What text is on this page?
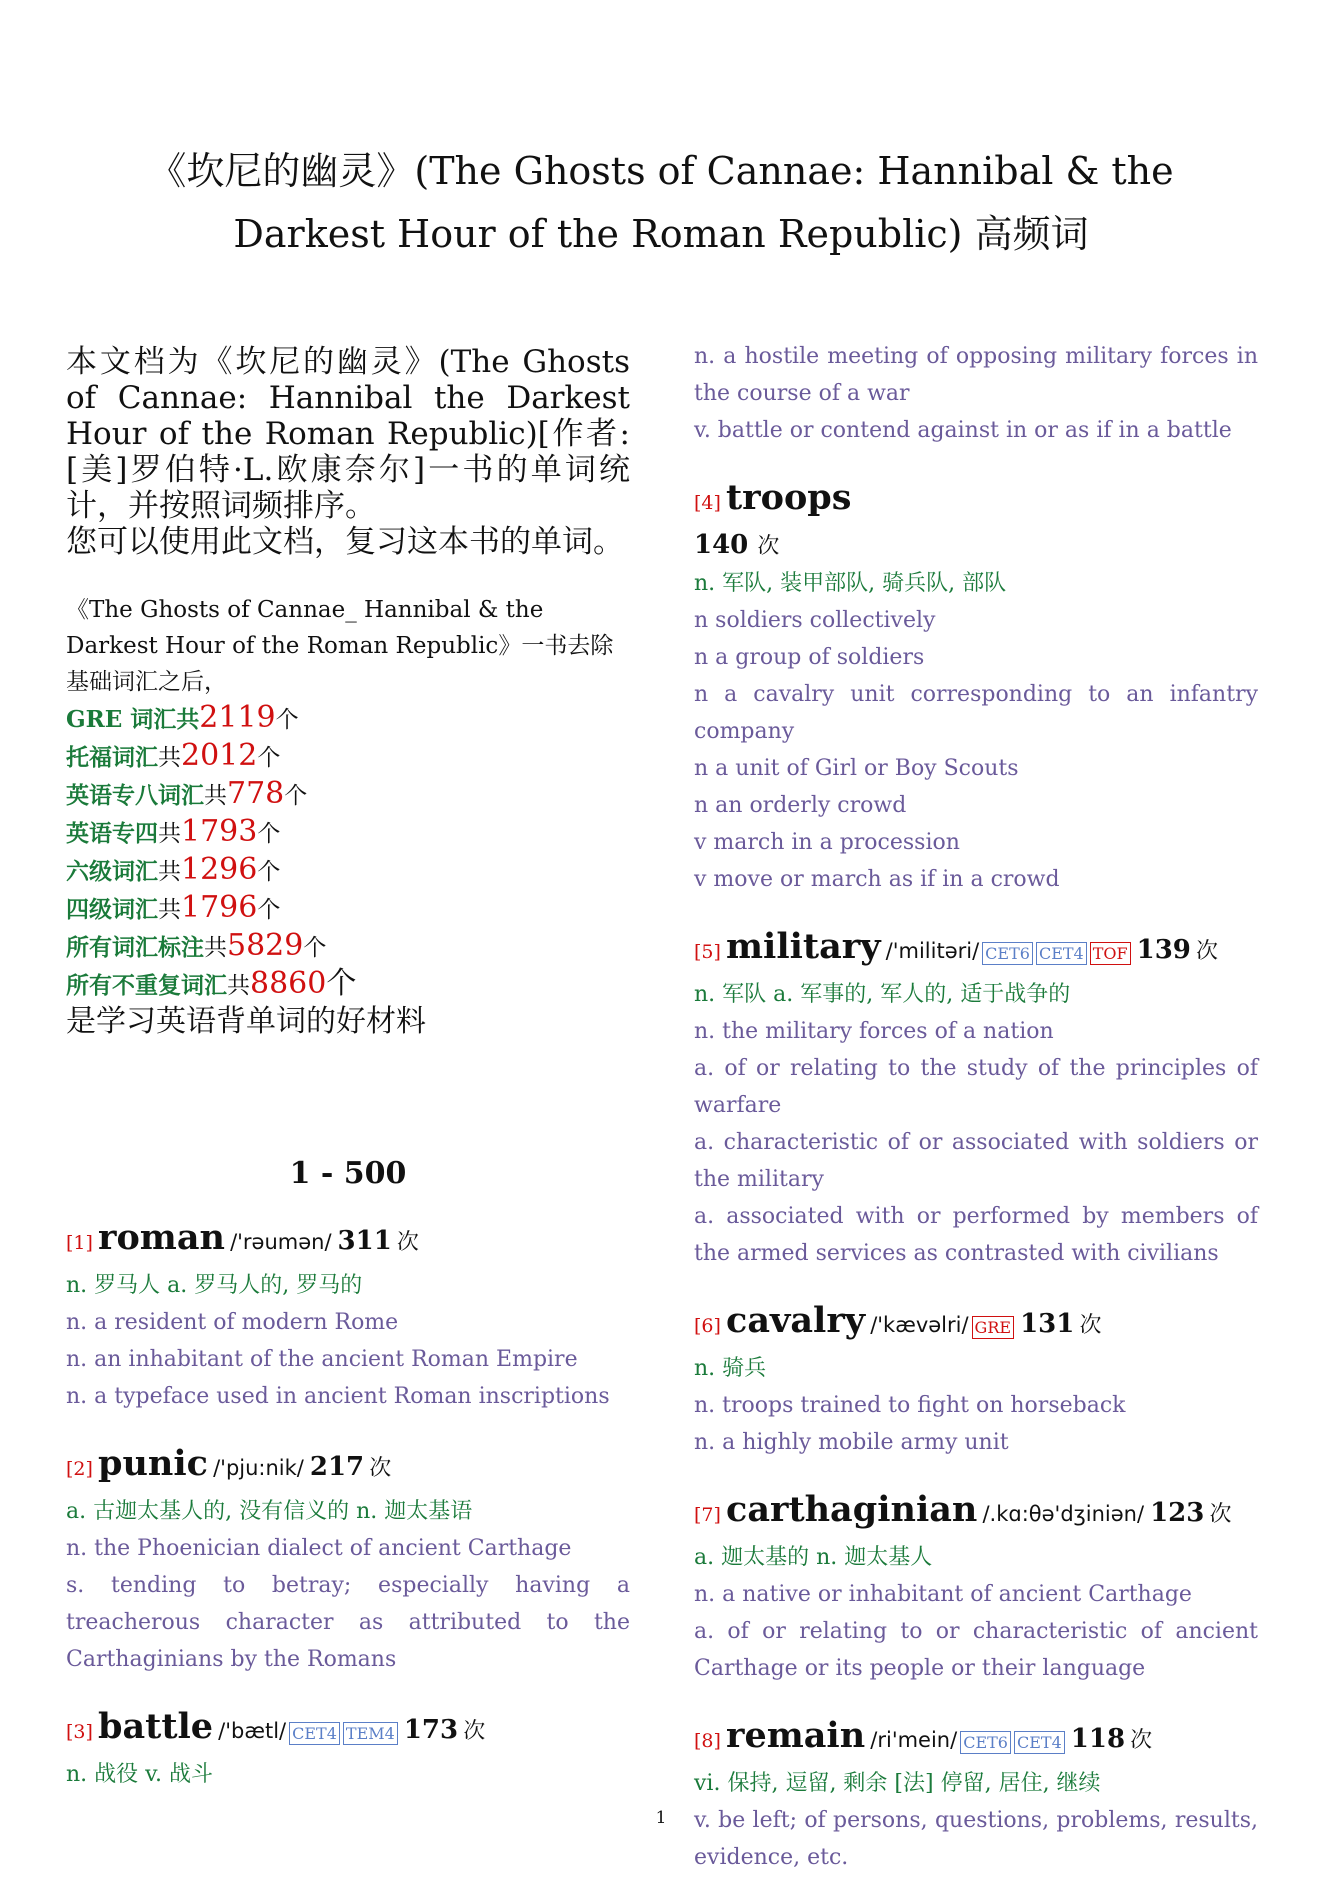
《坎尼的幽灵》(The Ghosts of Cannae: Hannibal & the Darkest Hour of the Roman Republic) 高频词

本文档为《坎尼的幽灵》(The Ghosts of Cannae: Hannibal the Darkest Hour of the Roman Republic)[作者:[美]罗伯特·L.欧康奈尔]一书的单词统计，并按照词频排序。

您可以使用此文档，复习这本书的单词。

《The Ghosts of Cannae_ Hannibal & the Darkest Hour of the Roman Republic》一书去除基础词汇之后，

GRE 词汇共2119个

托福词汇共2012个

英语专八词汇共778个

英语专四共1793个

六级词汇共1296个

四级词汇共1796个

所有词汇标注共5829个

所有不重复词汇共8860个

是学习英语背单词的好材料

1 - 500
[1] roman /'rəumən/ 311 次

n. 罗马人 a. 罗马人的, 罗马的

n. a resident of modern Rome

n. an inhabitant of the ancient Roman Empire

n. a typeface used in ancient Roman inscriptions

[2] punic /'pju:nik/ 217 次

a. 古迦太基人的, 没有信义的 n. 迦太基语

n. the Phoenician dialect of ancient Carthage

s. tending to betray; especially having a treacherous character as attributed to the Carthaginians by the Romans

[3] battle /'bætl/ CET4 TEM4 173 次

n. 战役 v. 战斗

n. a hostile meeting of opposing military forces in the course of a war

v. battle or contend against in or as if in a battle

[4] troops
140 次

n. 军队, 装甲部队, 骑兵队, 部队

n soldiers collectively

n a group of soldiers

n a cavalry unit corresponding to an infantry company

n a unit of Girl or Boy Scouts

n an orderly crowd

v march in a procession

v move or march as if in a crowd

[5] military /'militəri/ CET6 CET4 TOF 139 次

n. 军队 a. 军事的, 军人的, 适于战争的

n. the military forces of a nation

a. of or relating to the study of the principles of warfare

a. characteristic of or associated with soldiers or the military

a. associated with or performed by members of the armed services as contrasted with civilians

[6] cavalry /'kævəlri/ GRE 131 次

n. 骑兵

n. troops trained to fight on horseback

n. a highly mobile army unit

[7] carthaginian /.kɑ:θə'dʒiniən/ 123 次

a. 迦太基的 n. 迦太基人

n. a native or inhabitant of ancient Carthage

a. of or relating to or characteristic of ancient Carthage or its people or their language

[8] remain /ri'mein/ CET6 CET4 118 次

vi. 保持, 逗留, 剩余 [法] 停留, 居住, 继续

v. be left; of persons, questions, problems, results, evidence, etc.

1
